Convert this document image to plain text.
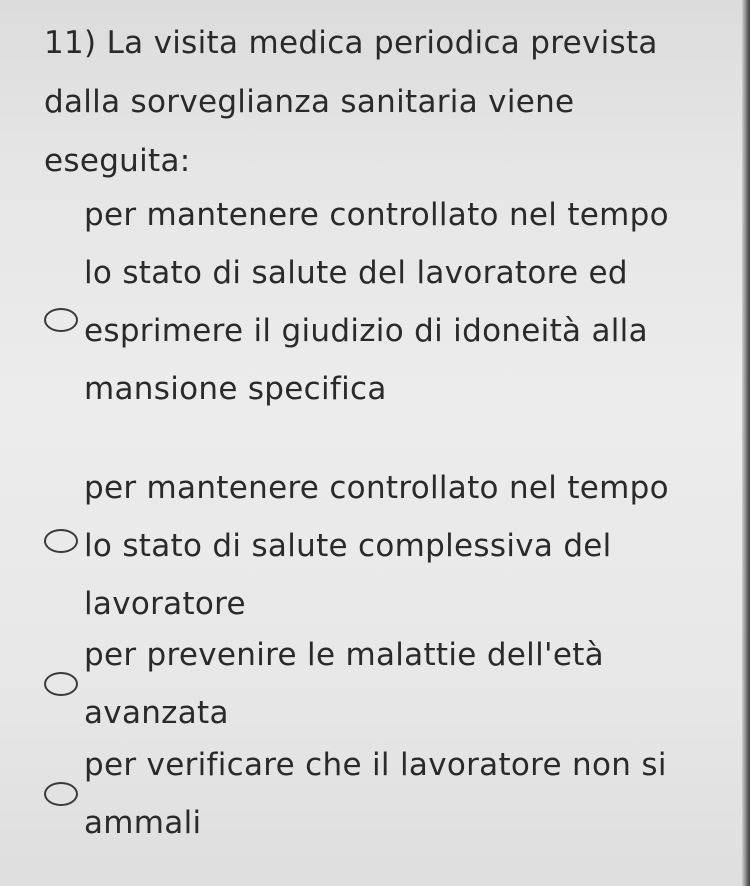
11) La visita medica periodica prevista dalla sorveglianza sanitaria viene eseguita:

per mantenere controllato nel tempo lo stato di salute del lavoratore ed esprimere il giudizio di idoneità alla mansione specifica
per mantenere controllato nel tempo lo stato di salute complessiva del lavoratore
per prevenire le malattie dell'età avanzata
per verificare che il lavoratore non si ammali
